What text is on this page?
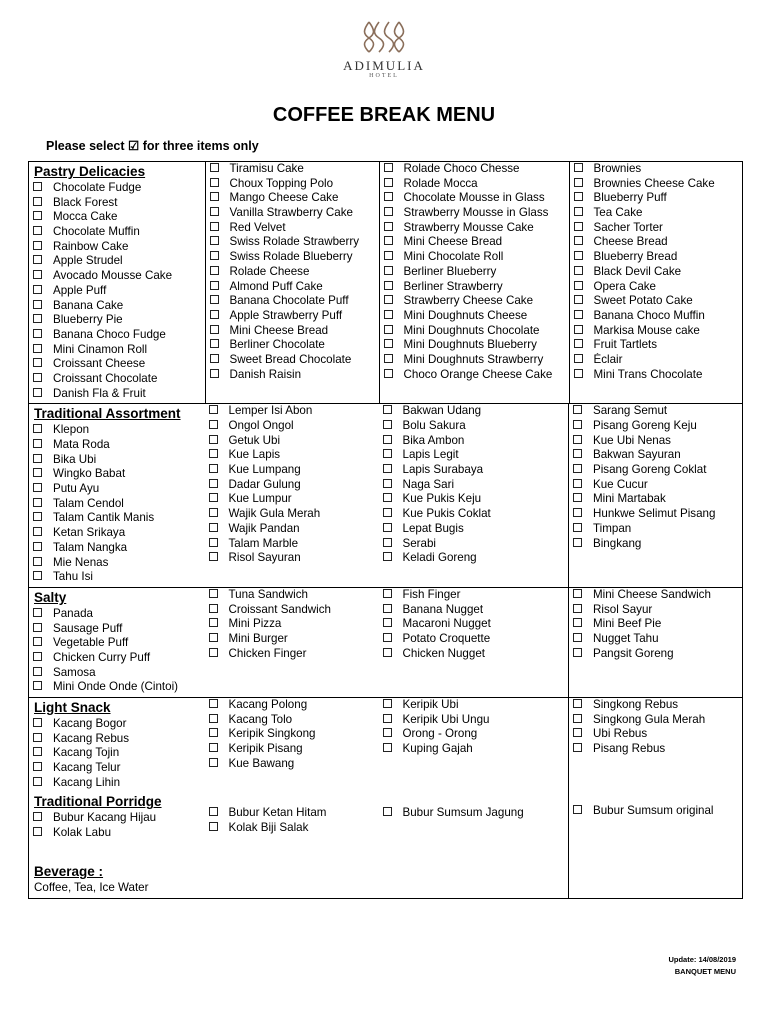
ADIMULIA
HOTEL
COFFEE BREAK MENU
Please select ☑ for three items only
Pastry Delicacies
Chocolate Fudge
Black Forest
Mocca Cake
Chocolate Muffin
Rainbow Cake
Apple Strudel
Avocado Mousse Cake
Apple Puff
Banana Cake
Blueberry Pie
Banana Choco Fudge
Mini Cinamon Roll
Croissant Cheese
Croissant Chocolate
Danish Fla & Fruit

Tiramisu Cake
Choux Topping Polo
Mango Cheese Cake
Vanilla Strawberry Cake
Red Velvet
Swiss Rolade Strawberry
Swiss Rolade Blueberry
Rolade Cheese
Almond Puff Cake
Banana Chocolate Puff
Apple Strawberry Puff
Mini Cheese Bread
Berliner Chocolate
Sweet Bread Chocolate
Danish Raisin

Rolade Choco Chesse
Rolade Mocca
Chocolate Mousse in Glass
Strawberry Mousse in Glass
Strawberry Mousse Cake
Mini Cheese Bread
Mini Chocolate Roll
Berliner Blueberry
Berliner Strawberry
Strawberry Cheese Cake
Mini Doughnuts Cheese
Mini Doughnuts Chocolate
Mini Doughnuts Blueberry
Mini Doughnuts Strawberry
Choco Orange Cheese Cake

Brownies
Brownies Cheese Cake
Blueberry Puff
Tea Cake
Sacher Torter
Cheese Bread
Blueberry Bread
Black Devil Cake
Opera Cake
Sweet Potato Cake
Banana Choco Muffin
Markisa Mouse cake
Fruit Tartlets
Éclair
Mini Trans Chocolate

Traditional Assortment
Klepon
Mata Roda
Bika Ubi
Wingko Babat
Putu Ayu
Talam Cendol
Talam Cantik Manis
Ketan Srikaya
Talam Nangka
Mie Nenas
Tahu Isi

Lemper Isi Abon
Ongol Ongol
Getuk Ubi
Kue Lapis
Kue Lumpang
Dadar Gulung
Kue Lumpur
Wajik Gula Merah
Wajik Pandan
Talam Marble
Risol Sayuran

Bakwan Udang
Bolu Sakura
Bika Ambon
Lapis Legit
Lapis Surabaya
Naga Sari
Kue Pukis Keju
Kue Pukis Coklat
Lepat Bugis
Serabi
Keladi Goreng

Sarang Semut
Pisang Goreng Keju
Kue Ubi Nenas
Bakwan Sayuran
Pisang Goreng Coklat
Kue Cucur
Mini Martabak
Hunkwe Selimut Pisang
Timpan
Bingkang

Salty
Panada
Sausage Puff
Vegetable Puff
Chicken Curry Puff
Samosa
Mini Onde Onde (Cintoi)

Tuna Sandwich
Croissant Sandwich
Mini Pizza
Mini Burger
Chicken Finger

Fish Finger
Banana Nugget
Macaroni Nugget
Potato Croquette
Chicken Nugget

Mini Cheese Sandwich
Risol Sayur
Mini Beef Pie
Nugget Tahu
Pangsit Goreng

Light Snack
Kacang Bogor
Kacang Rebus
Kacang Tojin
Kacang Telur
Kacang Lihin

Kacang Polong
Kacang Tolo
Keripik Singkong
Keripik Pisang
Kue Bawang

Keripik Ubi
Keripik Ubi Ungu
Orong - Orong
Kuping Gajah

Singkong Rebus
Singkong Gula Merah
Ubi Rebus
Pisang Rebus

Traditional Porridge
Bubur Kacang Hijau
Kolak Labu

Bubur Ketan Hitam
Kolak Biji Salak

Bubur Sumsum Jagung	Bubur Sumsum original

Beverage :
Coffee, Tea, Ice Water

Update: 14/08/2019
BANQUET MENU
